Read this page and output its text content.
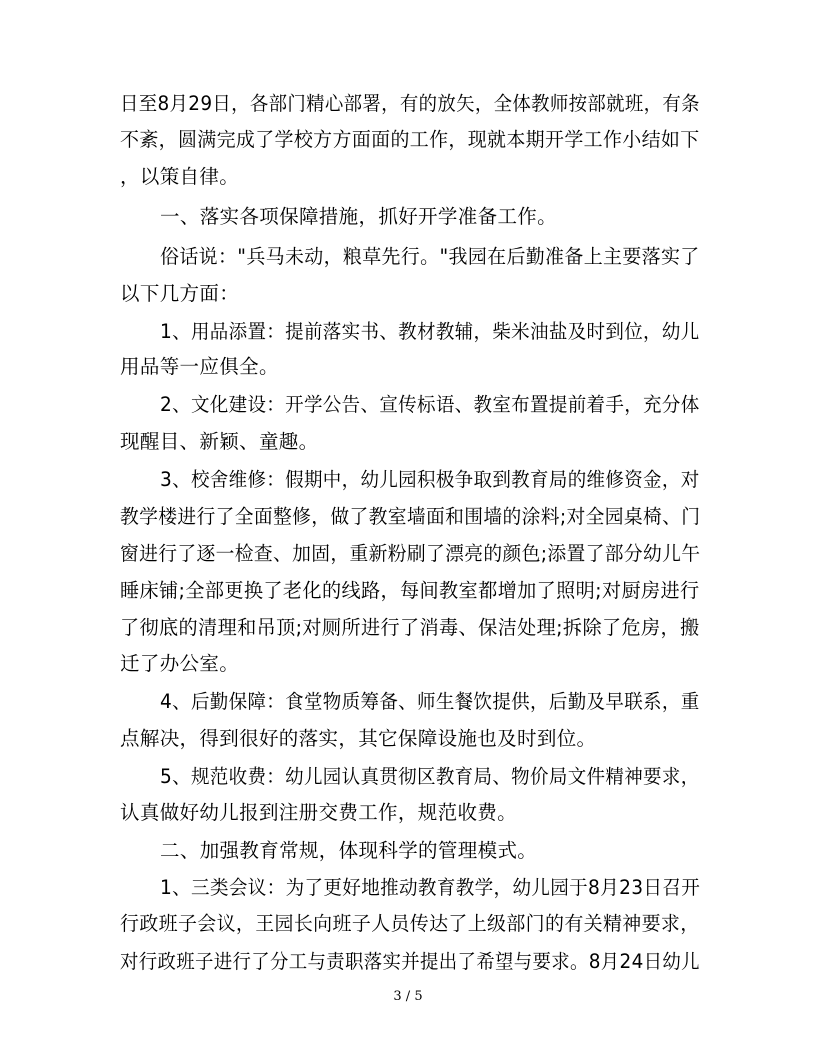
日至8月29日，各部门精心部署，有的放矢，全体教师按部就班，有条
不紊，圆满完成了学校方方面面的工作，现就本期开学工作小结如下
，以策自律。
一、落实各项保障措施，抓好开学准备工作。
俗话说："兵马未动，粮草先行。"我园在后勤准备上主要落实了
以下几方面：
1、用品添置：提前落实书、教材教辅，柴米油盐及时到位，幼儿
用品等一应俱全。
2、文化建设：开学公告、宣传标语、教室布置提前着手，充分体
现醒目、新颖、童趣。
3、校舍维修：假期中，幼儿园积极争取到教育局的维修资金，对
教学楼进行了全面整修，做了教室墙面和围墙的涂料;对全园桌椅、门
窗进行了逐一检查、加固，重新粉刷了漂亮的颜色;添置了部分幼儿午
睡床铺;全部更换了老化的线路，每间教室都增加了照明;对厨房进行
了彻底的清理和吊顶;对厕所进行了消毒、保洁处理;拆除了危房，搬
迁了办公室。
4、后勤保障：食堂物质筹备、师生餐饮提供，后勤及早联系，重
点解决，得到很好的落实，其它保障设施也及时到位。
5、规范收费：幼儿园认真贯彻区教育局、物价局文件精神要求，
认真做好幼儿报到注册交费工作，规范收费。
二、加强教育常规，体现科学的管理模式。
1、三类会议：为了更好地推动教育教学，幼儿园于8月23日召开
行政班子会议，王园长向班子人员传达了上级部门的有关精神要求，
对行政班子进行了分工与责职落实并提出了希望与要求。8月24日幼儿
3 / 5
